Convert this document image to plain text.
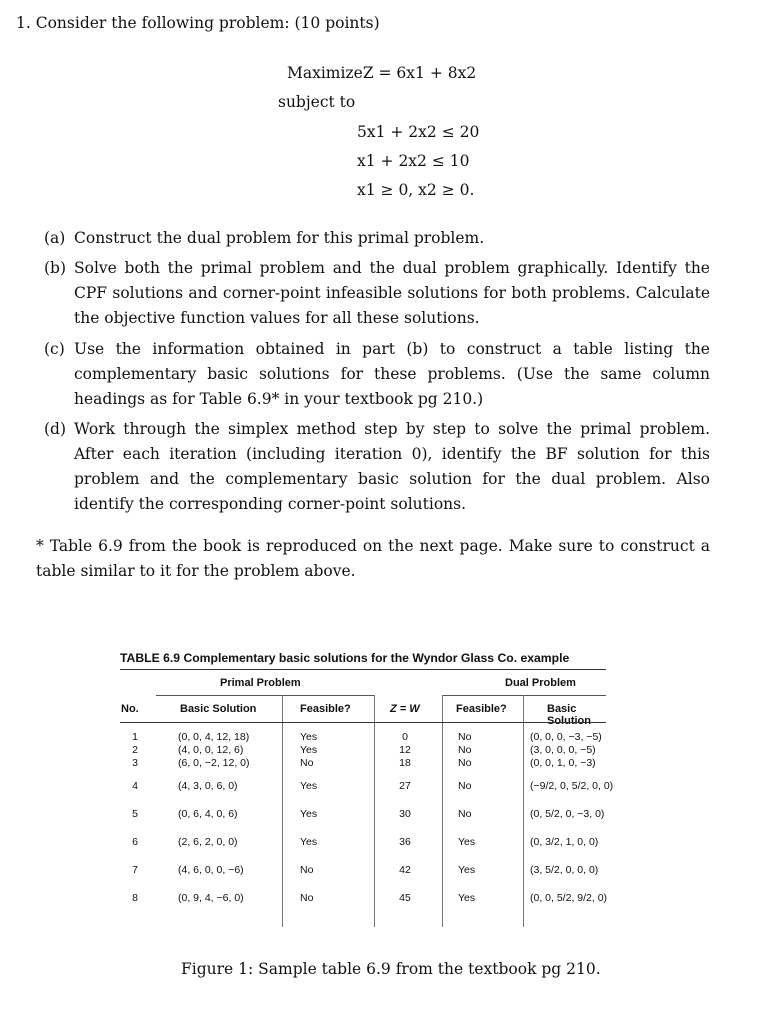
1. Consider the following problem: (10 points)
MaximizeZ = 6x1 + 8x2
subject to
5x1 + 2x2 ≤ 20
x1 + 2x2 ≤ 10
x1 ≥ 0, x2 ≥ 0.
(a) Construct the dual problem for this primal problem.
(b) Solve both the primal problem and the dual problem graphically. Identify the CPF solutions and corner-point infeasible solutions for both problems. Calculate the objective function values for all these solutions.
(c) Use the information obtained in part (b) to construct a table listing the complementary basic solutions for these problems. (Use the same column headings as for Table 6.9* in your textbook pg 210.)
(d) Work through the simplex method step by step to solve the primal problem. After each iteration (including iteration 0), identify the BF solution for this problem and the complementary basic solution for the dual problem. Also identify the corresponding corner-point solutions.
* Table 6.9 from the book is reproduced on the next page. Make sure to construct a table similar to it for the problem above.
TABLE 6.9 Complementary basic solutions for the Wyndor Glass Co. example
Primal Problem	Dual Problem
No.	Basic Solution	Feasible?	Z = W	Feasible?	Basic Solution
1	(0, 0, 4, 12, 18)	Yes	0	No	(0, 0, 0, −3, −5)
2	(4, 0, 0, 12, 6)	Yes	12	No	(3, 0, 0, 0, −5)
3	(6, 0, −2, 12, 0)	No	18	No	(0, 0, 1, 0, −3)
4	(4, 3, 0, 6, 0)	Yes	27	No	(−9/2, 0, 5/2, 0, 0)
5	(0, 6, 4, 0, 6)	Yes	30	No	(0, 5/2, 0, −3, 0)
6	(2, 6, 2, 0, 0)	Yes	36	Yes	(0, 3/2, 1, 0, 0)
7	(4, 6, 0, 0, −6)	No	42	Yes	(3, 5/2, 0, 0, 0)
8	(0, 9, 4, −6, 0)	No	45	Yes	(0, 0, 5/2, 9/2, 0)
Figure 1: Sample table 6.9 from the textbook pg 210.
